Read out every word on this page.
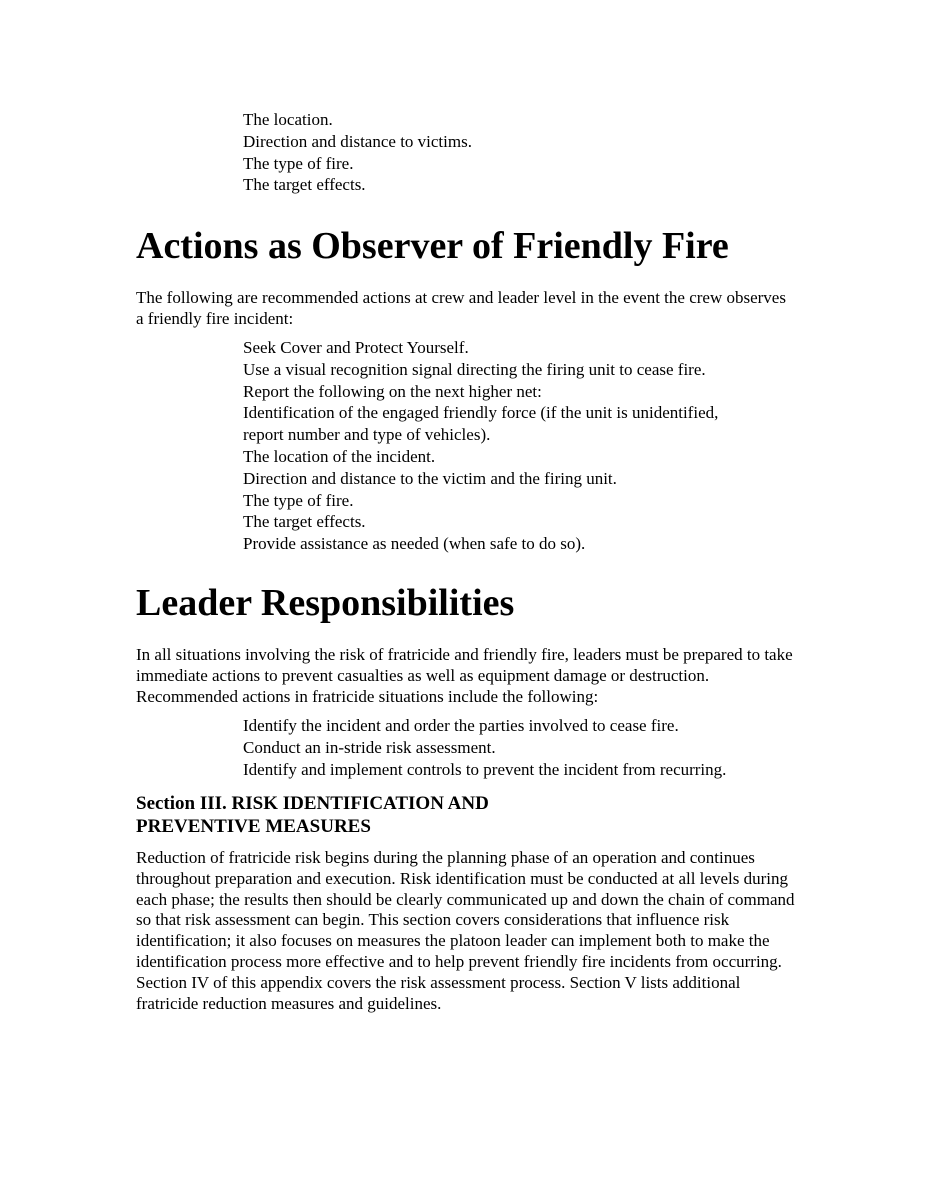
The location.
Direction and distance to victims.
The type of fire.
The target effects.
Actions as Observer of Friendly Fire

The following are recommended actions at crew and leader level in the event the crew observes a friendly fire incident:

Seek Cover and Protect Yourself.
Use a visual recognition signal directing the firing unit to cease fire.
Report the following on the next higher net:
Identification of the engaged friendly force (if the unit is unidentified,
report number and type of vehicles).
The location of the incident.
Direction and distance to the victim and the firing unit.
The type of fire.
The target effects.
Provide assistance as needed (when safe to do so).
Leader Responsibilities

In all situations involving the risk of fratricide and friendly fire, leaders must be prepared to take immediate actions to prevent casualties as well as equipment damage or destruction. Recommended actions in fratricide situations include the following:

Identify the incident and order the parties involved to cease fire.
Conduct an in-stride risk assessment.
Identify and implement controls to prevent the incident from recurring.
Section III. RISK IDENTIFICATION AND PREVENTIVE MEASURES

Reduction of fratricide risk begins during the planning phase of an operation and continues throughout preparation and execution. Risk identification must be conducted at all levels during each phase; the results then should be clearly communicated up and down the chain of command so that risk assessment can begin. This section covers considerations that influence risk identification; it also focuses on measures the platoon leader can implement both to make the identification process more effective and to help prevent friendly fire incidents from occurring. Section IV of this appendix covers the risk assessment process. Section V lists additional fratricide reduction measures and guidelines.
